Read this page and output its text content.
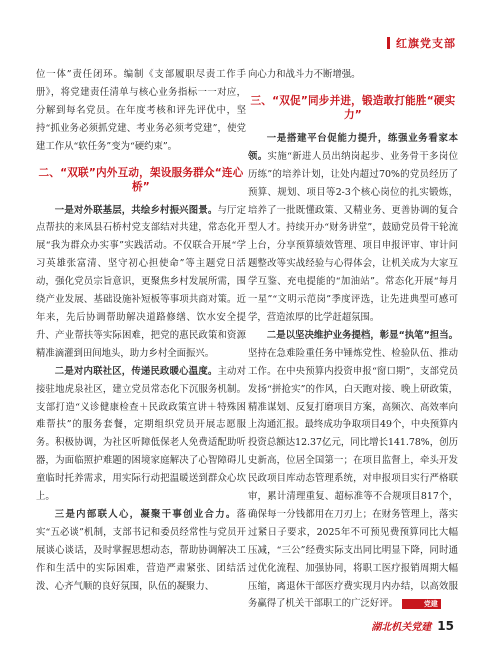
红旗党支部

位一体”责任闭环。编制《支部履职尽责工作手册》，将党建责任清单与核心业务指标一一对应，分解到每名党员。在年度考核和评先评优中，坚持“抓业务必须抓党建、考业务必须考党建”，使党建工作从“软任务”变为“硬约束”。

二、“双联”内外互动，架设服务群众“连心桥”

一是对外联基层，共绘乡村振兴图景。与厅定点帮扶的来凤县石桥村党支部结对共建，常态化开展“我为群众办实事”实践活动。不仅联合开展“学习英雄张富清、坚守初心担使命”等主题党日活动，强化党员宗旨意识，更聚焦乡村发展所需，围绕产业发展、基础设施补短板等事项共商对策。近年来，先后协调帮助解决道路修缮、饮水安全提升、产业帮扶等实际困难，把党的惠民政策和资源精准滴灌到田间地头，助力乡村全面振兴。

二是对内联社区，传递民政暖心温度。主动对接驻地虎泉社区，建立党员常态化下沉服务机制。支部打造“义诊健康检查＋民政政策宣讲＋特殊困难帮扶”的服务套餐，定期组织党员开展志愿服务。积极协调，为社区听障低保老人免费适配助听器，为面临照护难题的困境家庭解决了心智障碍儿童临时托养需求，用实际行动把温暖送到群众心坎上。

三是内部联人心，凝聚干事创业合力。落实“五必谈”机制，支部书记和委员经常性与党员开展谈心谈话，及时掌握思想动态，帮助协调解决工作和生活中的实际困难，营造严肃紧张、团结活泼、心齐气顺的良好氛围，队伍的凝聚力、

向心力和战斗力不断增强。

三、“双促”同步并进，锻造敢打能胜“硬实力”

一是搭建平台促能力提升，练强业务看家本领。实施“新进人员出纳岗起步、业务骨干多岗位历练”的培养计划，让处内超过70%的党员经历了预算、规划、项目等2-3个核心岗位的扎实锻炼，培养了一批既懂政策、又精业务、更善协调的复合型人才。持续开办“财务讲堂”，鼓励党员骨干轮流上台，分享预算绩效管理、项目申报评审、审计问题整改等实战经验与心得体会，让机关成为大家互学互鉴、充电提能的“加油站”。常态化开展“每月一星”“文明示范岗”季度评选，让先进典型可感可学，营造浓厚的比学赶超氛围。

二是以坚决维护业务提档，彰显“执笔”担当。坚持在急难险重任务中锤炼党性、检验队伍、推动工作。在中央预算内投资申报“窗口期”，支部党员发扬“拼抢实”的作风，白天跑对接、晚上研政策，精准谋划、反复打磨项目方案，高频次、高效率向上沟通汇报。最终成功争取项目49个，中央预算内投资总额达12.37亿元，同比增长141.78%，创历史新高，位居全国第一；在项目监督上，牵头开发民政项目库动态管理系统，对申报项目实行严格联审，累计清理重复、超标准等不合规项目817个，确保每一分钱都用在刀刃上；在财务管理上，落实过紧日子要求，2025年不可预见费预算同比大幅压减，“三公”经费实际支出同比明显下降，同时通过优化流程、加强协同，将职工医疗报销周期大幅压缩，离退休干部医疗费实现月内办结，以高效服务赢得了机关干部职工的广泛好评。	党建

湖北机关党建 15
